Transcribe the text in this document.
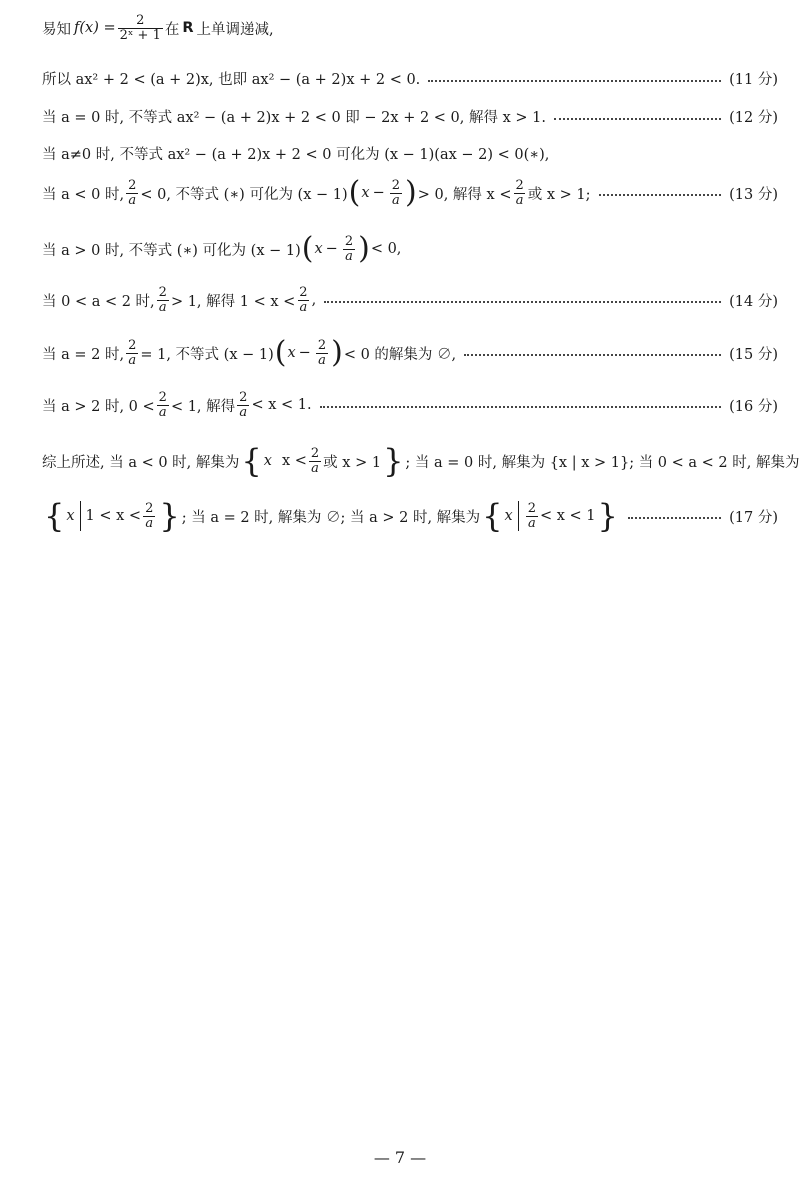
易知 $f(x) = \frac{2}{\text{2ˣ + 1}}$ 在 R 上单调递减,
所以 ax² + 2 < (a + 2)x, 也即 ax² − (a + 2)x + 2 < 0.	(11 分)
当 a = 0 时, 不等式 ax² − (a + 2)x + 2 < 0 即 − 2x + 2 < 0, 解得 x > 1.	(12 分)
当 a≠0 时, 不等式 ax² − (a + 2)x + 2 < 0 可化为 (x − 1)(ax − 2) < 0(∗),
当 a < 0 时, $\frac{2}{a} < 0$, 不等式 (∗) 可化为 (x − 1) ( $x - \frac{2}{a}$ ) > 0, 解得 $x < \frac{2}{a}$ 或 x > 1;	(13 分)
当 a > 0 时, 不等式 (∗) 可化为 (x − 1) ( $x - \frac{2}{a}$ ) < 0,
当 0 < a < 2 时, $\frac{2}{a} > 1$, 解得 $1 < x < \frac{2}{a}$ ,	(14 分)
当 a = 2 时, $\frac{2}{a} = 1$, 不等式 (x − 1) ( $x - \frac{2}{a}$ ) < 0 的解集为 ∅,	(15 分)
当 a > 2 时, $0 < \frac{2}{a} < 1$, 解得 $\frac{2}{a} < x < 1$.	(16 分)
综上所述, 当 a < 0 时, 解集为 { x $x < \frac{2}{a}$ 或 x > 1 } ; 当 a = 0 时, 解集为 {x | x > 1}; 当 0 < a < 2 时, 解集为
{ x $1 < x < \frac{2}{a}$ } ; 当 a = 2 时, 解集为 ∅; 当 a > 2 时, 解集为 { x $\frac{2}{a} < x < 1$ }	(17 分)
— 7 —
